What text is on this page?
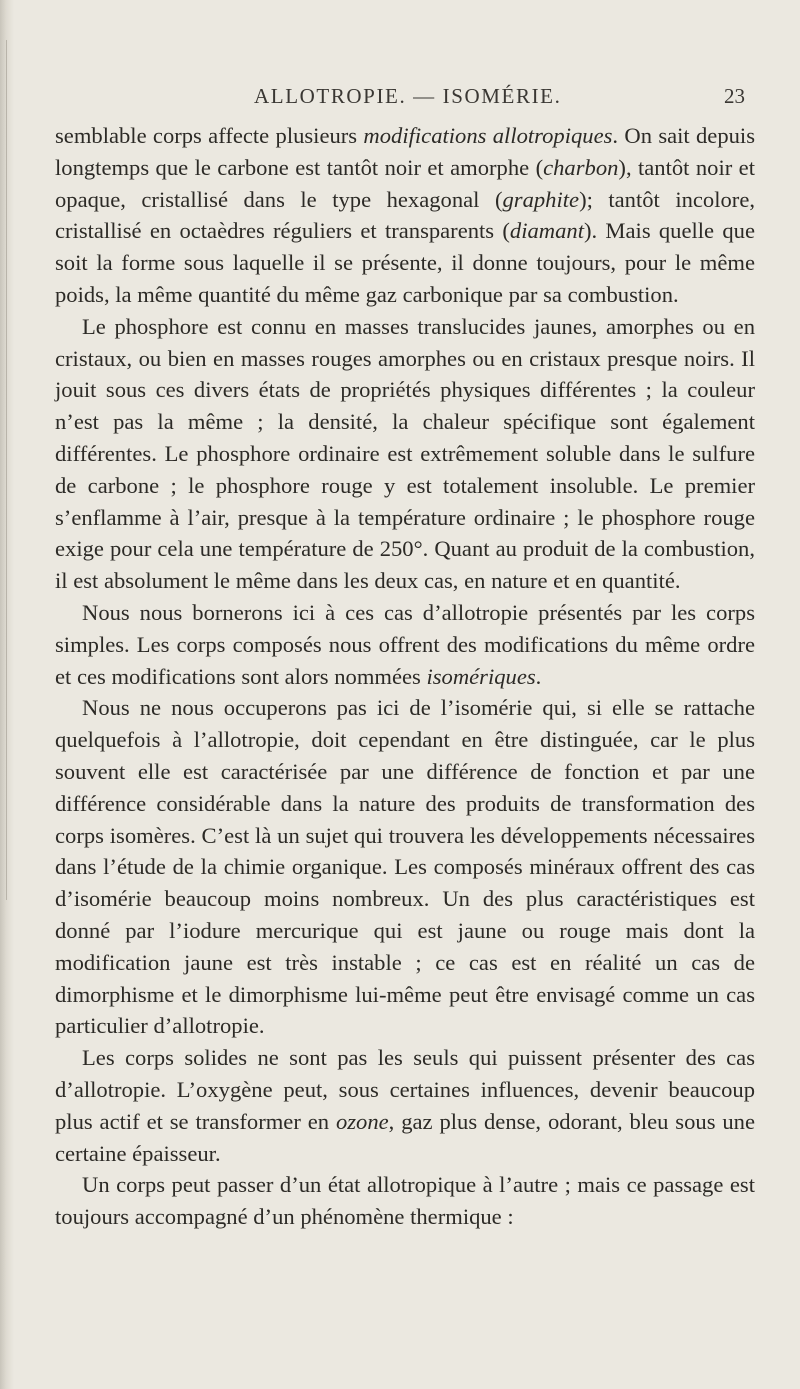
ALLOTROPIE. — ISOMÉRIE.	23

semblable corps affecte plusieurs modifications allotropiques. On sait depuis longtemps que le carbone est tantôt noir et amorphe (charbon), tantôt noir et opaque, cristallisé dans le type hexagonal (graphite); tantôt incolore, cristallisé en octaèdres réguliers et transparents (diamant). Mais quelle que soit la forme sous laquelle il se présente, il donne toujours, pour le même poids, la même quantité du même gaz carbonique par sa combustion.

Le phosphore est connu en masses translucides jaunes, amorphes ou en cristaux, ou bien en masses rouges amorphes ou en cristaux presque noirs. Il jouit sous ces divers états de propriétés physiques différentes ; la couleur n’est pas la même ; la densité, la chaleur spécifique sont également différentes. Le phosphore ordinaire est extrêmement soluble dans le sulfure de carbone ; le phosphore rouge y est totalement insoluble. Le premier s’enflamme à l’air, presque à la température ordinaire ; le phosphore rouge exige pour cela une température de 250°. Quant au produit de la combustion, il est absolument le même dans les deux cas, en nature et en quantité.

Nous nous bornerons ici à ces cas d’allotropie présentés par les corps simples. Les corps composés nous offrent des modifications du même ordre et ces modifications sont alors nommées isomériques.

Nous ne nous occuperons pas ici de l’isomérie qui, si elle se rattache quelquefois à l’allotropie, doit cependant en être distinguée, car le plus souvent elle est caractérisée par une différence de fonction et par une différence considérable dans la nature des produits de transformation des corps isomères. C’est là un sujet qui trouvera les développements nécessaires dans l’étude de la chimie organique. Les composés minéraux offrent des cas d’isomérie beaucoup moins nombreux. Un des plus caractéristiques est donné par l’iodure mercurique qui est jaune ou rouge mais dont la modification jaune est très instable ; ce cas est en réalité un cas de dimorphisme et le dimorphisme lui-même peut être envisagé comme un cas particulier d’allotropie.

Les corps solides ne sont pas les seuls qui puissent présenter des cas d’allotropie. L’oxygène peut, sous certaines influences, devenir beaucoup plus actif et se transformer en ozone, gaz plus dense, odorant, bleu sous une certaine épaisseur.

Un corps peut passer d’un état allotropique à l’autre ; mais ce passage est toujours accompagné d’un phénomène thermique :
